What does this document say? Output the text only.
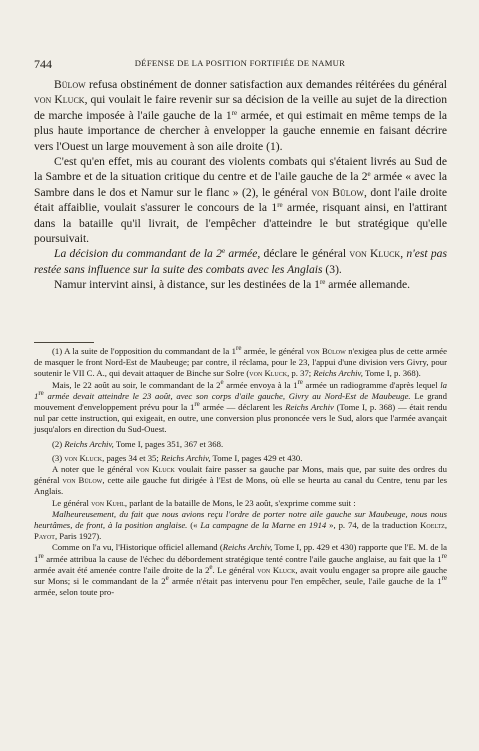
744	DÉFENSE DE LA POSITION FORTIFIÉE DE NAMUR

Bülow refusa obstinément de donner satisfaction aux demandes réitérées du général von Kluck, qui voulait le faire revenir sur sa décision de la veille au sujet de la direction de marche imposée à l'aile gauche de la 1re armée, et qui estimait en même temps de la plus haute importance de chercher à envelopper la gauche ennemie en faisant décrire vers l'Ouest un large mouvement à son aile droite (1).

C'est qu'en effet, mis au courant des violents combats qui s'étaient livrés au Sud de la Sambre et de la situation critique du centre et de l'aile gauche de la 2e armée « avec la Sambre dans le dos et Namur sur le flanc » (2), le général von Bülow, dont l'aile droite était affaiblie, voulait s'assurer le concours de la 1re armée, risquant ainsi, en l'attirant dans la bataille qu'il livrait, de l'empêcher d'atteindre le but stratégique qu'elle poursuivait.

La décision du commandant de la 2e armée, déclare le général von Kluck, n'est pas restée sans influence sur la suite des combats avec les Anglais (3).

Namur intervint ainsi, à distance, sur les destinées de la 1re armée allemande.

(1) A la suite de l'opposition du commandant de la 1re armée, le général von Bülow n'exigea plus de cette armée de masquer le front Nord-Est de Maubeuge; par contre, il réclama, pour le 23, l'appui d'une division vers Givry, pour soutenir le VII C. A., qui devait attaquer de Binche sur Solre (von Kluck, p. 37; Reichs Archiv, Tome I, p. 368).

Mais, le 22 août au soir, le commandant de la 2e armée envoya à la 1re armée un radiogramme d'après lequel la 1re armée devait atteindre le 23 août, avec son corps d'aile gauche, Givry au Nord-Est de Maubeuge. Le grand mouvement d'enveloppement prévu pour la 1re armée — déclarent les Reichs Archiv (Tome I, p. 368) — était rendu nul par cette instruction, qui exigeait, en outre, une conversion plus prononcée vers le Sud, alors que l'armée avançait jusqu'alors en direction du Sud-Ouest.

(2) Reichs Archiv, Tome I, pages 351, 367 et 368.

(3) von Kluck, pages 34 et 35; Reichs Archiv, Tome I, pages 429 et 430.

A noter que le général von Kluck voulait faire passer sa gauche par Mons, mais que, par suite des ordres du général von Bülow, cette aile gauche fut dirigée à l'Est de Mons, où elle se heurta au canal du Centre, tenu par les Anglais.

Le général von Kuhl, parlant de la bataille de Mons, le 23 août, s'exprime comme suit :

Malheureusement, du fait que nous avions reçu l'ordre de porter notre aile gauche sur Maubeuge, nous nous heurtâmes, de front, à la position anglaise. (« La campagne de la Marne en 1914 », p. 74, de la traduction Koeltz, Payot, Paris 1927).

Comme on l'a vu, l'Historique officiel allemand (Reichs Archiv, Tome I, pp. 429 et 430) rapporte que l'E. M. de la 1re armée attribua la cause de l'échec du débordement stratégique tenté contre l'aile gauche anglaise, au fait que la 1re armée avait été amenée contre l'aile droite de la 2e. Le général von Kluck, avait voulu engager sa propre aile gauche sur Mons; si le commandant de la 2e armée n'était pas intervenu pour l'en empêcher, seule, l'aile gauche de la 1re armée, selon toute pro-
